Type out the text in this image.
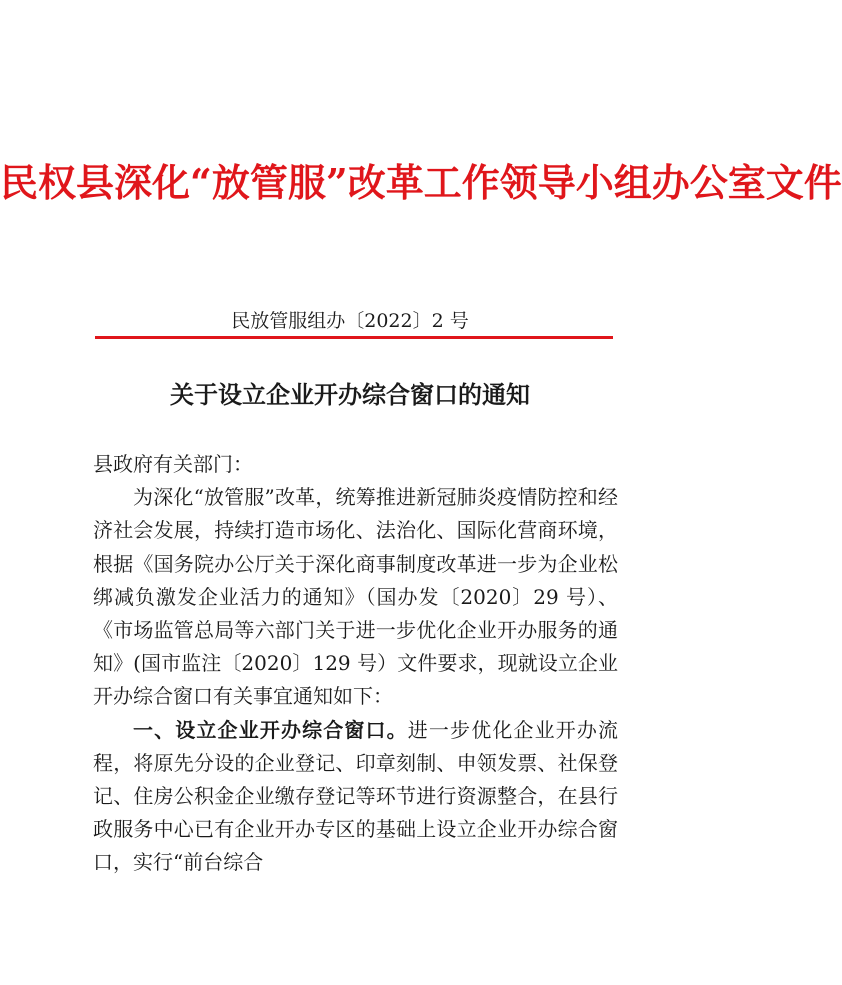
民权县深化“放管服”改革工作领导小组办公室文件
民放管服组办〔2022〕2 号
关于设立企业开办综合窗口的通知

县政府有关部门：

为深化“放管服”改革，统筹推进新冠肺炎疫情防控和经济社会发展，持续打造市场化、法治化、国际化营商环境，根据《国务院办公厅关于深化商事制度改革进一步为企业松绑减负激发企业活力的通知》（国办发〔2020〕29 号）、《市场监管总局等六部门关于进一步优化企业开办服务的通知》(国市监注〔2020〕129 号）文件要求，现就设立企业开办综合窗口有关事宜通知如下：

一、设立企业开办综合窗口。进一步优化企业开办流程，将原先分设的企业登记、印章刻制、申领发票、社保登记、住房公积金企业缴存登记等环节进行资源整合，在县行政服务中心已有企业开办专区的基础上设立企业开办综合窗口，实行“前台综合
